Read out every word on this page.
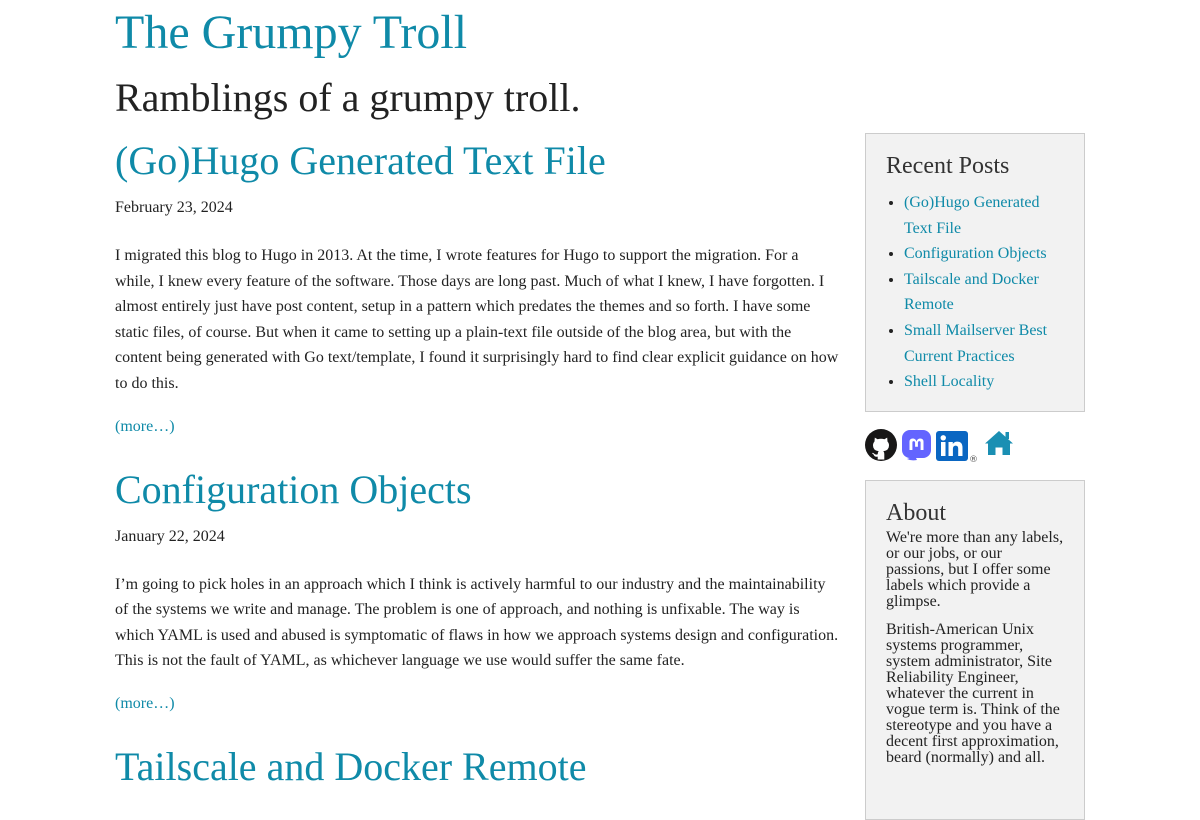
The Grumpy Troll
Ramblings of a grumpy troll.
(Go)Hugo Generated Text File
February 23, 2024

I migrated this blog to Hugo in 2013. At the time, I wrote features for Hugo to support the migration. For a while, I knew every feature of the software. Those days are long past. Much of what I knew, I have forgotten. I almost entirely just have post content, setup in a pattern which predates the themes and so forth. I have some static files, of course. But when it came to setting up a plain-text file outside of the blog area, but with the content being generated with Go text/template, I found it surprisingly hard to find clear explicit guidance on how to do this.

(more…)
Configuration Objects
January 22, 2024

I’m going to pick holes in an approach which I think is actively harmful to our industry and the maintainability of the systems we write and manage. The problem is one of approach, and nothing is unfixable. The way is which YAML is used and abused is symptomatic of flaws in how we approach systems design and configuration. This is not the fault of YAML, as whichever language we use would suffer the same fate.

(more…)
Tailscale and Docker Remote
Recent Posts
• (Go)Hugo Generated Text File
• Configuration Objects
• Tailscale and Docker Remote
• Small Mailserver Best Current Practices
• Shell Locality
®
About

We're more than any labels, or our jobs, or our passions, but I offer some labels which provide a glimpse.

British-American Unix systems programmer, system administrator, Site Reliability Engineer, whatever the current in vogue term is. Think of the stereotype and you have a decent first approximation, beard (normally) and all.
